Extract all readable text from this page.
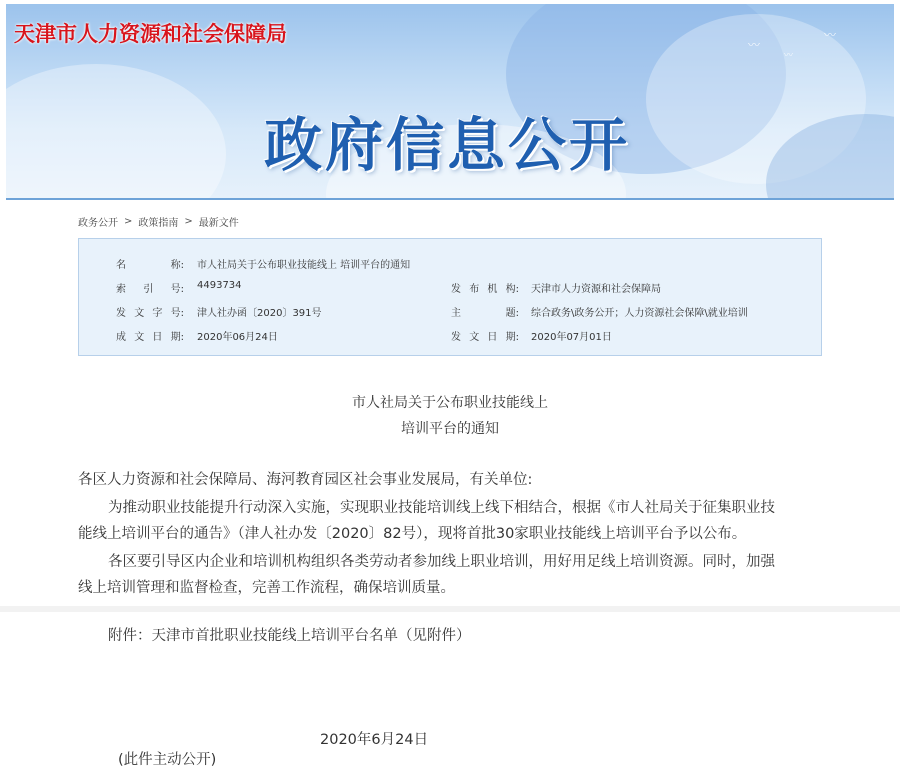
〰
〰
〰
天津市人力资源和社会保障局
政府信息公开
政务公开 > 政策指南 > 最新文件
名	称: 市人社局关于公布职业技能线上 培训平台的通知
索 引 号: 4493734	发 布 机 构: 天津市人力资源和社会保障局
发 文 字 号: 津人社办函〔2020〕391号	主	题: 综合政务\政务公开；人力资源社会保障\就业培训
成 文 日 期: 2020年06月24日	发 文 日 期: 2020年07月01日
市人社局关于公布职业技能线上
培训平台的通知
各区人力资源和社会保障局、海河教育园区社会事业发展局，有关单位:
为推动职业技能提升行动深入实施，实现职业技能培训线上线下相结合，根据《市人社局关于征集职业技
能线上培训平台的通告》（津人社办发〔2020〕82号），现将首批30家职业技能线上培训平台予以公布。
各区要引导区内企业和培训机构组织各类劳动者参加线上职业培训，用好用足线上培训资源。同时，加强
线上培训管理和监督检查，完善工作流程，确保培训质量。
附件：天津市首批职业技能线上培训平台名单（见附件）
2020年6月24日
(此件主动公开)
